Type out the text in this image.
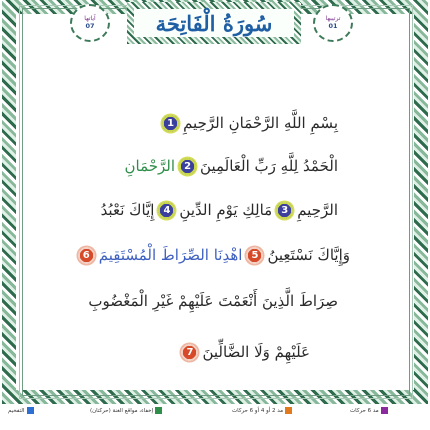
آياتها
07	سُورَةُ الْفَاتِحَة	ترتيبها
01
بِسْمِ اللَّهِ الرَّحْمَانِ الرَّحِيمِ
1
الْحَمْدُ لِلَّهِ رَبِّ الْعَالَمِينَ
2
الرَّحْمَانِ
الرَّحِيمِ
3
مَالِكِ يَوْمِ الدِّينِ
4
إِيَّاكَ نَعْبُدُ
وَإِيَّاكَ نَسْتَعِينُ
5
اهْدِنَا الصِّرَاطَ الْمُسْتَقِيمَ
6
صِرَاطَ الَّذِينَ أَنْعَمْتَ عَلَيْهِمْ غَيْرِ الْمَغْضُوبِ
عَلَيْهِمْ وَلَا الضَّالِّينَ
7
التفخيم	إخفاء، مواقع الغنة (حركتان)	مد 2 أو 4 أو 6 حركات	مد 6 حركات
